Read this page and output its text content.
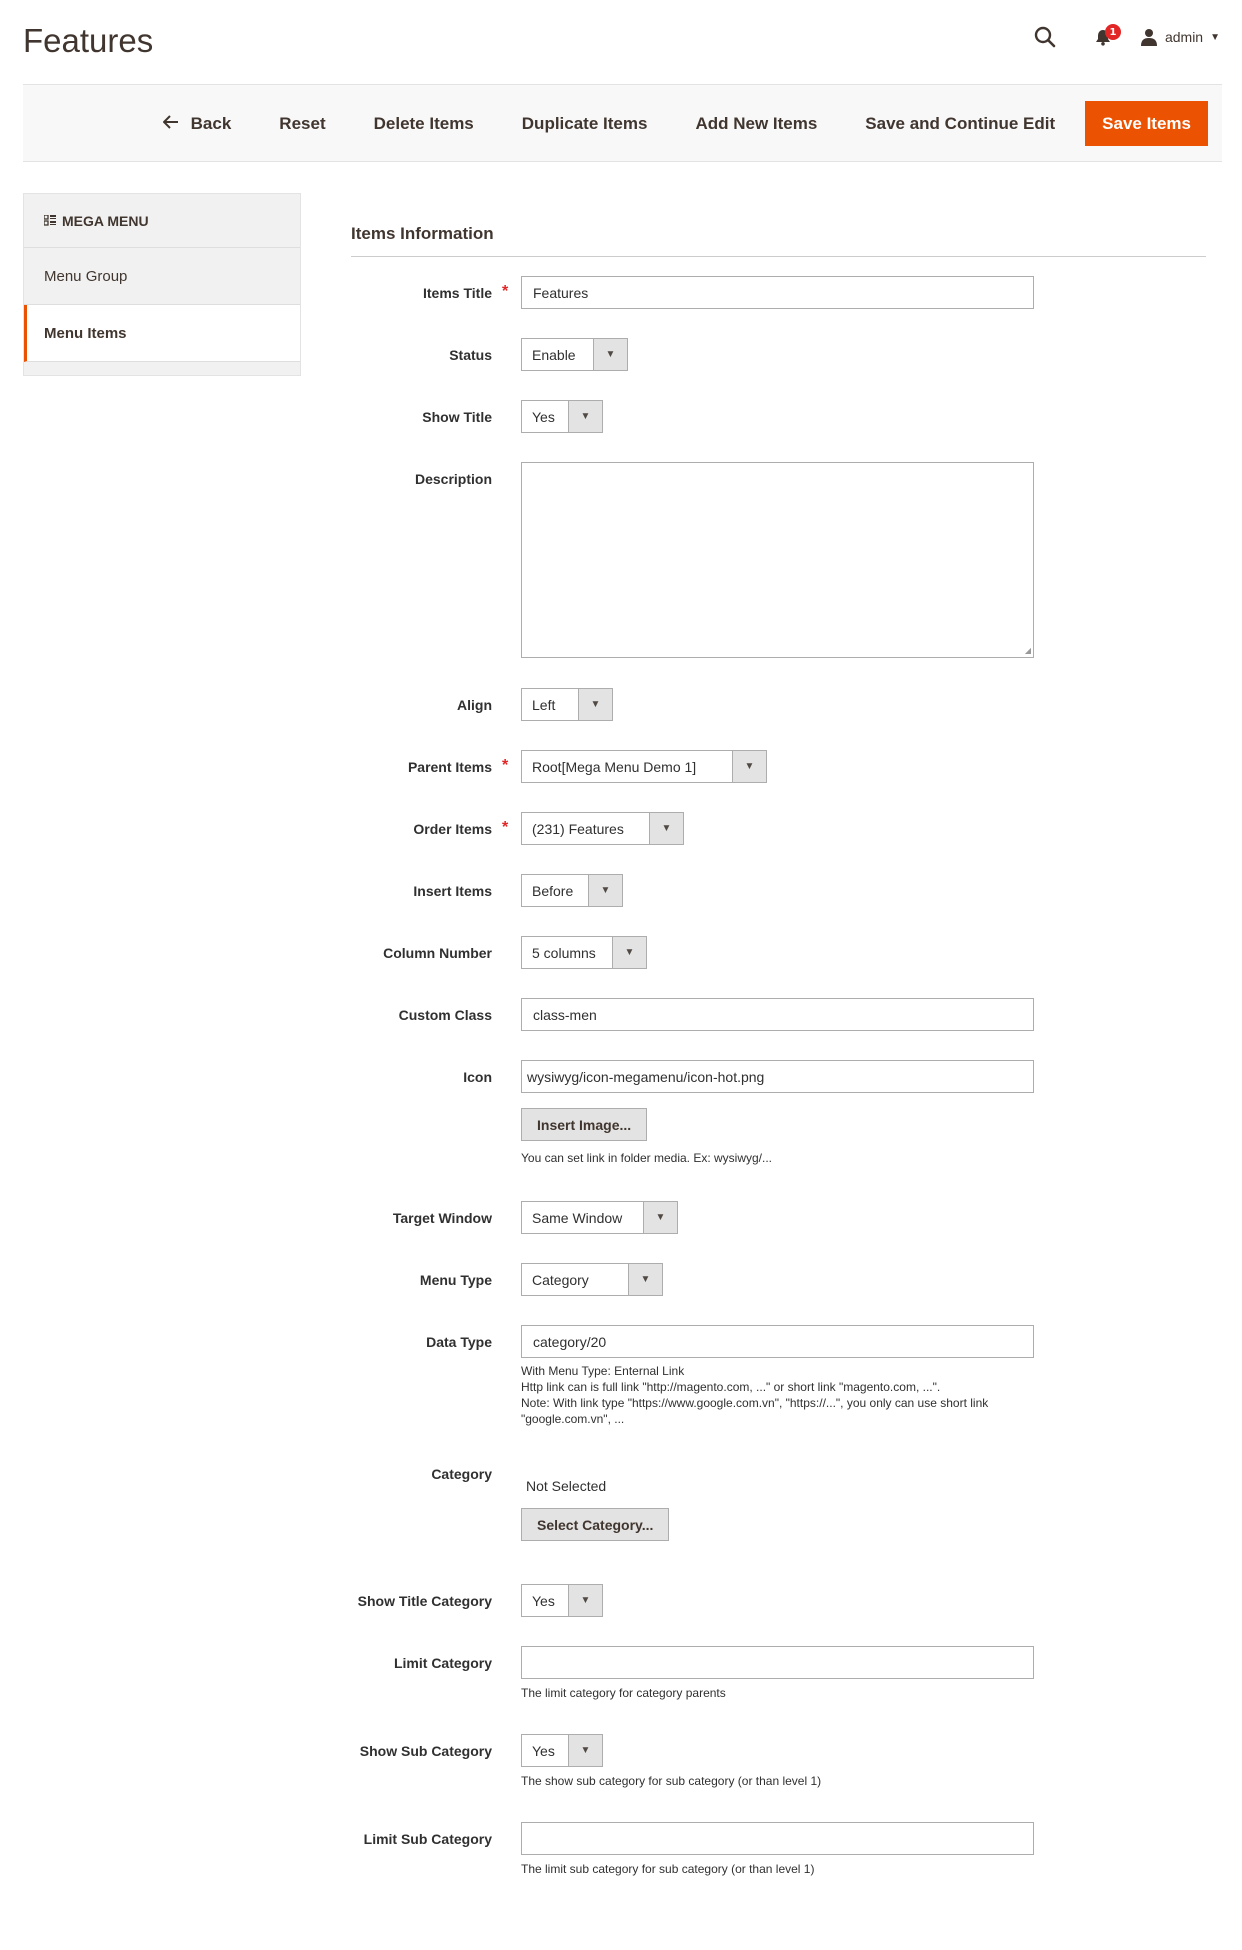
Features	1	admin ▼
Back	Reset	Delete Items	Duplicate Items	Add New Items	Save and Continue Edit	Save Items
MEGA MENU
Menu Group
Menu Items
Items Information
Items Title *	Features
Status	Enable	▼
Show Title	Yes	▼
Description
◢
Align	Left	▼
Parent Items *	Root[Mega Menu Demo 1]	▼
Order Items *	(231) Features	▼
Insert Items	Before	▼
Column Number	5 columns	▼
Custom Class	class-men
Icon	wysiwyg/icon-megamenu/icon-hot.png
Insert Image...
You can set link in folder media. Ex: wysiwyg/...
Target Window	Same Window	▼
Menu Type	Category	▼
Data Type	category/20
With Menu Type: Enternal Link
Http link can is full link "http://magento.com, ..." or short link "magento.com, ...".
Note: With link type "https://www.google.com.vn", "https://...", you only can use short link
"google.com.vn", ...
Category
Not Selected
Select Category...
Show Title Category	Yes	▼
Limit Category
The limit category for category parents
Show Sub Category	Yes	▼
The show sub category for sub category (or than level 1)
Limit Sub Category
The limit sub category for sub category (or than level 1)
